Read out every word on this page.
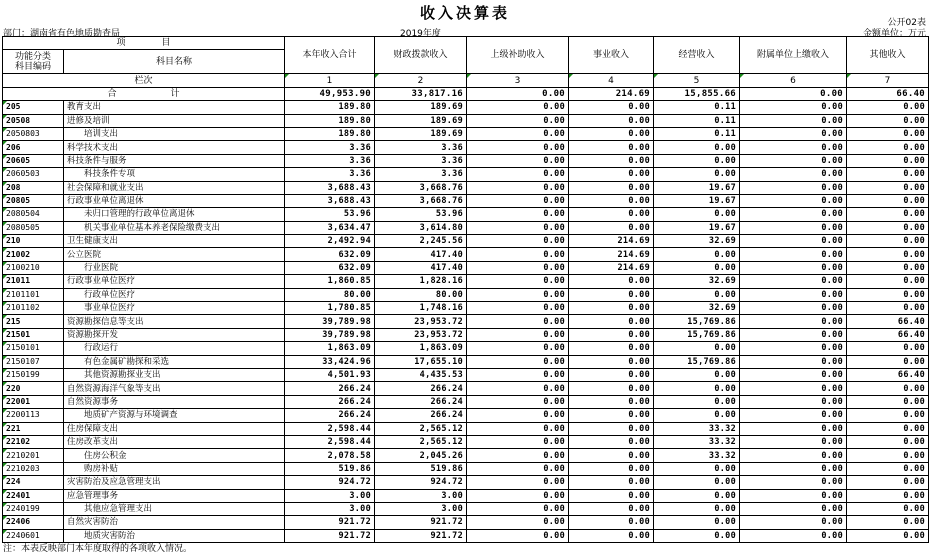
收入决算表
部门：湖南省有色地质勘查局	2019年度
公开02表
金额单位：万元
项　　　　目		本年收入合计	财政拨款收入	上级补助收入	事业收入	经营收入	附属单位上缴收入	其他收入
功能分类科目编码	科目名称							
栏次		1	2	3	4	5	6	7
合　　　　　　计		49,953.90	33,817.16	0.00	214.69	15,855.66	0.00	66.40
205	教育支出	189.80	189.69	0.00	0.00	0.11	0.00	0.00
20508	进修及培训	189.80	189.69	0.00	0.00	0.11	0.00	0.00
2050803	培训支出	189.80	189.69	0.00	0.00	0.11	0.00	0.00
206	科学技术支出	3.36	3.36	0.00	0.00	0.00	0.00	0.00
20605	科技条件与服务	3.36	3.36	0.00	0.00	0.00	0.00	0.00
2060503	科技条件专项	3.36	3.36	0.00	0.00	0.00	0.00	0.00
208	社会保障和就业支出	3,688.43	3,668.76	0.00	0.00	19.67	0.00	0.00
20805	行政事业单位离退休	3,688.43	3,668.76	0.00	0.00	19.67	0.00	0.00
2080504	未归口管理的行政单位离退休	53.96	53.96	0.00	0.00	0.00	0.00	0.00
2080505	机关事业单位基本养老保险缴费支出	3,634.47	3,614.80	0.00	0.00	19.67	0.00	0.00
210	卫生健康支出	2,492.94	2,245.56	0.00	214.69	32.69	0.00	0.00
21002	公立医院	632.09	417.40	0.00	214.69	0.00	0.00	0.00
2100210	行业医院	632.09	417.40	0.00	214.69	0.00	0.00	0.00
21011	行政事业单位医疗	1,860.85	1,828.16	0.00	0.00	32.69	0.00	0.00
2101101	行政单位医疗	80.00	80.00	0.00	0.00	0.00	0.00	0.00
2101102	事业单位医疗	1,780.85	1,748.16	0.00	0.00	32.69	0.00	0.00
215	资源勘探信息等支出	39,789.98	23,953.72	0.00	0.00	15,769.86	0.00	66.40
21501	资源勘探开发	39,789.98	23,953.72	0.00	0.00	15,769.86	0.00	66.40
2150101	行政运行	1,863.09	1,863.09	0.00	0.00	0.00	0.00	0.00
2150107	有色金属矿勘探和采选	33,424.96	17,655.10	0.00	0.00	15,769.86	0.00	0.00
2150199	其他资源勘探业支出	4,501.93	4,435.53	0.00	0.00	0.00	0.00	66.40
220	自然资源海洋气象等支出	266.24	266.24	0.00	0.00	0.00	0.00	0.00
22001	自然资源事务	266.24	266.24	0.00	0.00	0.00	0.00	0.00
2200113	地质矿产资源与环境调查	266.24	266.24	0.00	0.00	0.00	0.00	0.00
221	住房保障支出	2,598.44	2,565.12	0.00	0.00	33.32	0.00	0.00
22102	住房改革支出	2,598.44	2,565.12	0.00	0.00	33.32	0.00	0.00
2210201	住房公积金	2,078.58	2,045.26	0.00	0.00	33.32	0.00	0.00
2210203	购房补贴	519.86	519.86	0.00	0.00	0.00	0.00	0.00
224	灾害防治及应急管理支出	924.72	924.72	0.00	0.00	0.00	0.00	0.00
22401	应急管理事务	3.00	3.00	0.00	0.00	0.00	0.00	0.00
2240199	其他应急管理支出	3.00	3.00	0.00	0.00	0.00	0.00	0.00
22406	自然灾害防治	921.72	921.72	0.00	0.00	0.00	0.00	0.00
2240601	地质灾害防治	921.72	921.72	0.00	0.00	0.00	0.00	0.00
注：本表反映部门本年度取得的各项收入情况。
